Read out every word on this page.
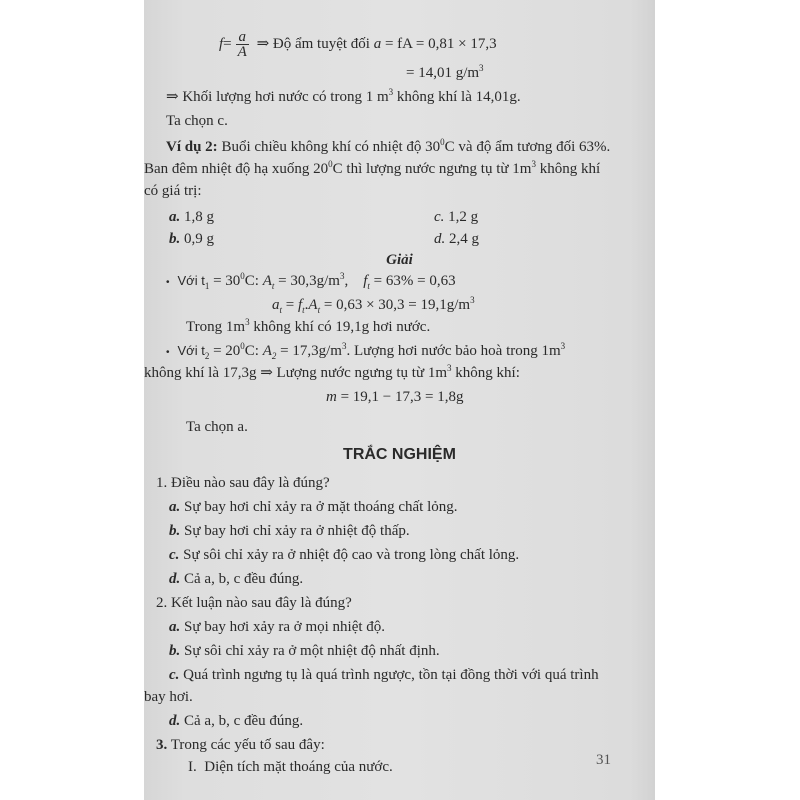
$f= \frac{a}{A}$ ⇒ Độ ẩm tuyệt đối a = fA = 0,81 × 17,3
= 14,01 $g/m^3$
⇒ Khối lượng hơi nước có trong 1 $m^3$ không khí là 14,01g.
Ta chọn c.
Ví dụ 2: Buổi chiều không khí có nhiệt độ $30^0C$ và độ ẩm tương đối 63%.
Ban đêm nhiệt độ hạ xuống $20^0C$ thì lượng nước ngưng tụ từ $1m^3$ không khí
có giá trị:
a. 1,8 g	c. 1,2 g
b. 0,9 g	d. 2,4 g
Giải
• Với $t_1 = 30^0C$: $A_t = 30,3g/m^3$, $f_t = 63\% = 0,63$
$a_t = f_t.A_t = 0,63 \times 30,3 = 19,1g/m^3$
Trong $1m^3$ không khí có 19,1g hơi nước.
• Với $t_2 = 20^0C$: $A_2 = 17,3g/m^3$. Lượng hơi nước bảo hoà trong $1m^3$
không khí là 17,3g ⇒ Lượng nước ngưng tụ từ $1m^3$ không khí:
m = 19,1 − 17,3 = 1,8g
Ta chọn a.
TRẮC NGHIỆM
1. Điều nào sau đây là đúng?
a. Sự bay hơi chỉ xảy ra ở mặt thoáng chất lỏng.
b. Sự bay hơi chỉ xảy ra ở nhiệt độ thấp.
c. Sự sôi chỉ xảy ra ở nhiệt độ cao và trong lòng chất lỏng.
d. Cả a, b, c đều đúng.
2. Kết luận nào sau đây là đúng?
a. Sự bay hơi xảy ra ở mọi nhiệt độ.
b. Sự sôi chỉ xảy ra ở một nhiệt độ nhất định.
c. Quá trình ngưng tụ là quá trình ngược, tồn tại đồng thời với quá trình
bay hơi.
d. Cả a, b, c đều đúng.
3. Trong các yếu tố sau đây:
I. Diện tích mặt thoáng của nước.	31
